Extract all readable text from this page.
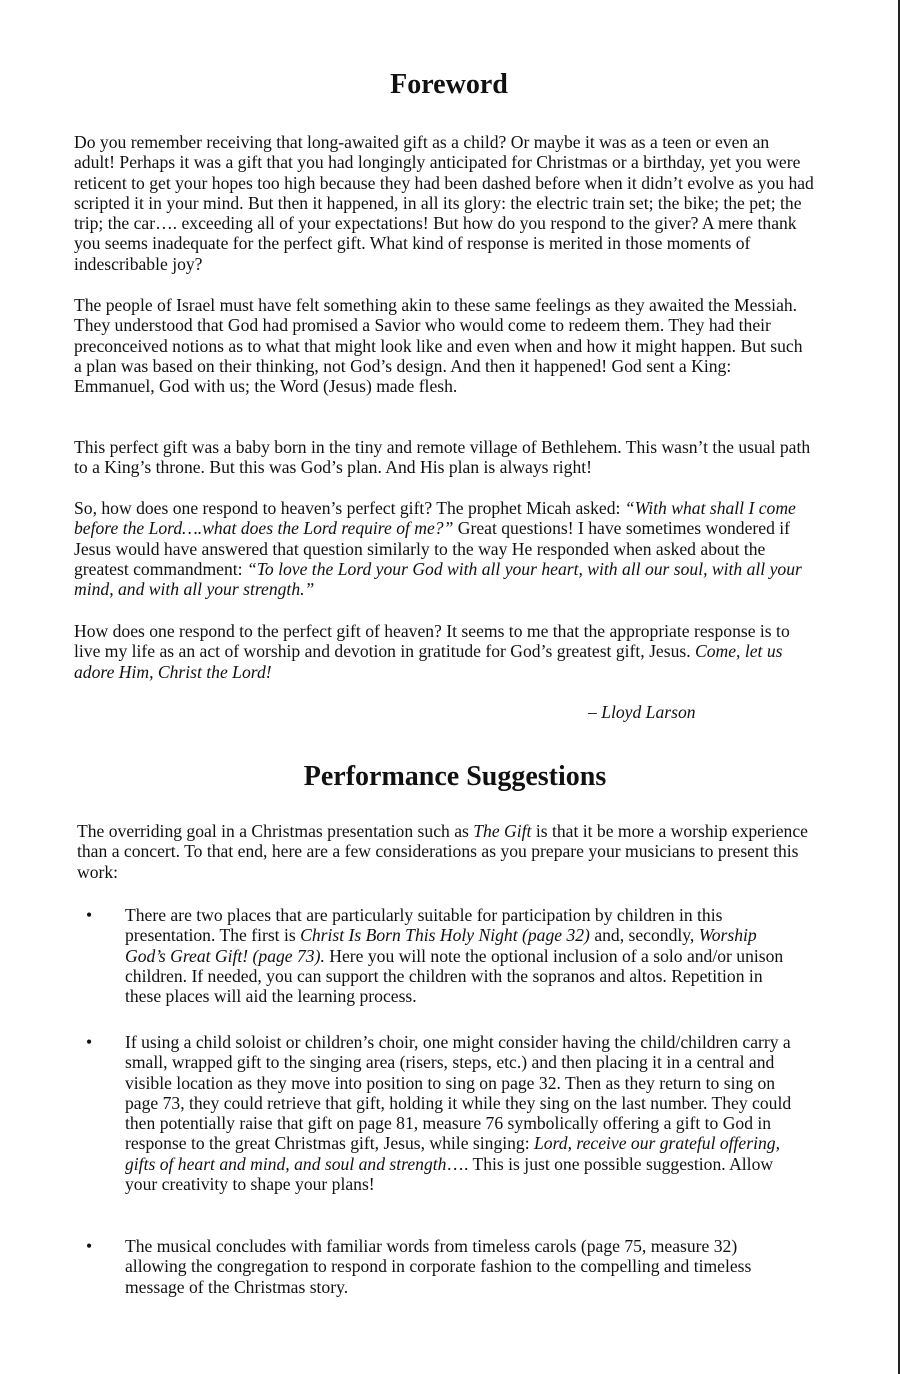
Foreword

Do you remember receiving that long-awaited gift as a child? Or maybe it was as a teen or even an adult! Perhaps it was a gift that you had longingly anticipated for Christmas or a birthday, yet you were reticent to get your hopes too high because they had been dashed before when it didn’t evolve as you had scripted it in your mind. But then it happened, in all its glory: the electric train set; the bike; the pet; the trip; the car…. exceeding all of your expectations! But how do you respond to the giver? A mere thank you seems inadequate for the perfect gift. What kind of response is merited in those moments of indescribable joy?

The people of Israel must have felt something akin to these same feelings as they awaited the Messiah. They understood that God had promised a Savior who would come to redeem them. They had their preconceived notions as to what that might look like and even when and how it might happen. But such a plan was based on their thinking, not God’s design. And then it happened! God sent a King: Emmanuel, God with us; the Word (Jesus) made flesh.

This perfect gift was a baby born in the tiny and remote village of Bethlehem. This wasn’t the usual path to a King’s throne. But this was God’s plan. And His plan is always right!

So, how does one respond to heaven’s perfect gift? The prophet Micah asked: “With what shall I come before the Lord….what does the Lord require of me?” Great questions! I have sometimes wondered if Jesus would have answered that question similarly to the way He responded when asked about the greatest commandment: “To love the Lord your God with all your heart, with all our soul, with all your mind, and with all your strength.”

How does one respond to the perfect gift of heaven? It seems to me that the appropriate response is to live my life as an act of worship and devotion in gratitude for God’s greatest gift, Jesus. Come, let us adore Him, Christ the Lord!

– Lloyd Larson
Performance Suggestions

The overriding goal in a Christmas presentation such as The Gift is that it be more a worship experience than a concert. To that end, here are a few considerations as you prepare your musicians to present this work:

• There are two places that are particularly suitable for participation by children in this presentation. The first is Christ Is Born This Holy Night (page 32) and, secondly, Worship God’s Great Gift! (page 73). Here you will note the optional inclusion of a solo and/or unison children. If needed, you can support the children with the sopranos and altos. Repetition in these places will aid the learning process.
• If using a child soloist or children’s choir, one might consider having the child/children carry a small, wrapped gift to the singing area (risers, steps, etc.) and then placing it in a central and visible location as they move into position to sing on page 32. Then as they return to sing on page 73, they could retrieve that gift, holding it while they sing on the last number. They could then potentially raise that gift on page 81, measure 76 symbolically offering a gift to God in response to the great Christmas gift, Jesus, while singing: Lord, receive our grateful offering, gifts of heart and mind, and soul and strength…. This is just one possible suggestion. Allow your creativity to shape your plans!
• The musical concludes with familiar words from timeless carols (page 75, measure 32) allowing the congregation to respond in corporate fashion to the compelling and timeless message of the Christmas story.
